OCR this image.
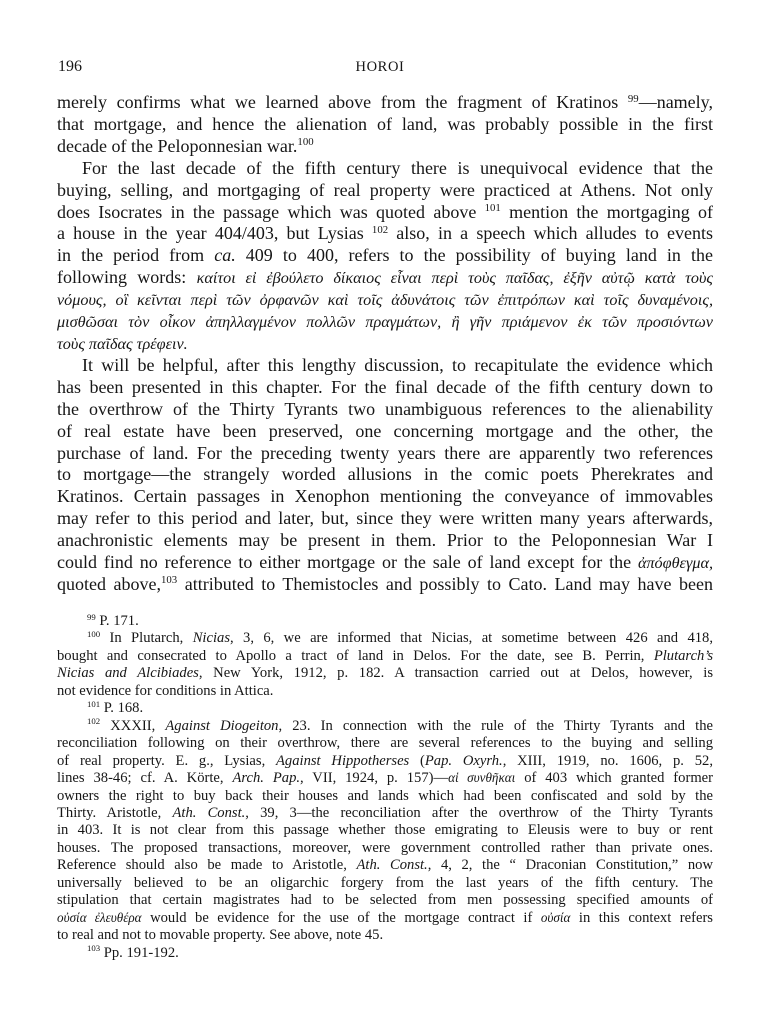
196	HOROI
merely confirms what we learned above from the fragment of Kratinos $^{99}$—namely,
that mortgage, and hence the alienation of land, was probably possible in the first
decade of the Peloponnesian war.$^{100}$
For the last decade of the fifth century there is unequivocal evidence that the
buying, selling, and mortgaging of real property were practiced at Athens. Not only
does Isocrates in the passage which was quoted above $^{101}$ mention the mortgaging of
a house in the year 404/403, but Lysias $^{102}$ also, in a speech which alludes to events
in the period from ca. 409 to 400, refers to the possibility of buying land in the
following words: καίτοι εἰ ἐβούλετο δίκαιος εἶναι περὶ τοὺς παῖδας, ἐξῆν αὐτῷ κατὰ τοὺς
νόμους, οἳ κεῖνται περὶ τῶν ὀρφανῶν καὶ τοῖς ἀδυνάτοις τῶν ἐπιτρόπων καὶ τοῖς δυναμένοις,
μισθῶσαι τὸν οἶκον ἀπηλλαγμένον πολλῶν πραγμάτων, ἢ γῆν πριάμενον ἐκ τῶν προσιόντων
τοὺς παῖδας τρέφειν.
It will be helpful, after this lengthy discussion, to recapitulate the evidence which
has been presented in this chapter. For the final decade of the fifth century down to
the overthrow of the Thirty Tyrants two unambiguous references to the alienability
of real estate have been preserved, one concerning mortgage and the other, the
purchase of land. For the preceding twenty years there are apparently two references
to mortgage—the strangely worded allusions in the comic poets Pherekrates and
Kratinos. Certain passages in Xenophon mentioning the conveyance of immovables
may refer to this period and later, but, since they were written many years afterwards,
anachronistic elements may be present in them. Prior to the Peloponnesian War I
could find no reference to either mortgage or the sale of land except for the ἀπόφθεγμα,
quoted above,$^{103}$ attributed to Themistocles and possibly to Cato. Land may have been
$^{99}$ P. 171.
$^{100}$ In Plutarch, Nicias, 3, 6, we are informed that Nicias, at sometime between 426 and 418,
bought and consecrated to Apollo a tract of land in Delos. For the date, see B. Perrin, Plutarch’s
Nicias and Alcibiades, New York, 1912, p. 182. A transaction carried out at Delos, however, is
not evidence for conditions in Attica.
$^{101}$ P. 168.
$^{102}$ XXXII, Against Diogeiton, 23. In connection with the rule of the Thirty Tyrants and the
reconciliation following on their overthrow, there are several references to the buying and selling
of real property. E. g., Lysias, Against Hippotherses (Pap. Oxyrh., XIII, 1919, no. 1606, p. 52,
lines 38-46; cf. A. Körte, Arch. Pap., VII, 1924, p. 157)—αἱ συνθῆκαι of 403 which granted former
owners the right to buy back their houses and lands which had been confiscated and sold by the
Thirty. Aristotle, Ath. Const., 39, 3—the reconciliation after the overthrow of the Thirty Tyrants
in 403. It is not clear from this passage whether those emigrating to Eleusis were to buy or rent
houses. The proposed transactions, moreover, were government controlled rather than private ones.
Reference should also be made to Aristotle, Ath. Const., 4, 2, the “ Draconian Constitution,” now
universally believed to be an oligarchic forgery from the last years of the fifth century. The
stipulation that certain magistrates had to be selected from men possessing specified amounts of
οὐσία ἐλευθέρα would be evidence for the use of the mortgage contract if οὐσία in this context refers
to real and not to movable property. See above, note 45.
$^{103}$ Pp. 191-192.
